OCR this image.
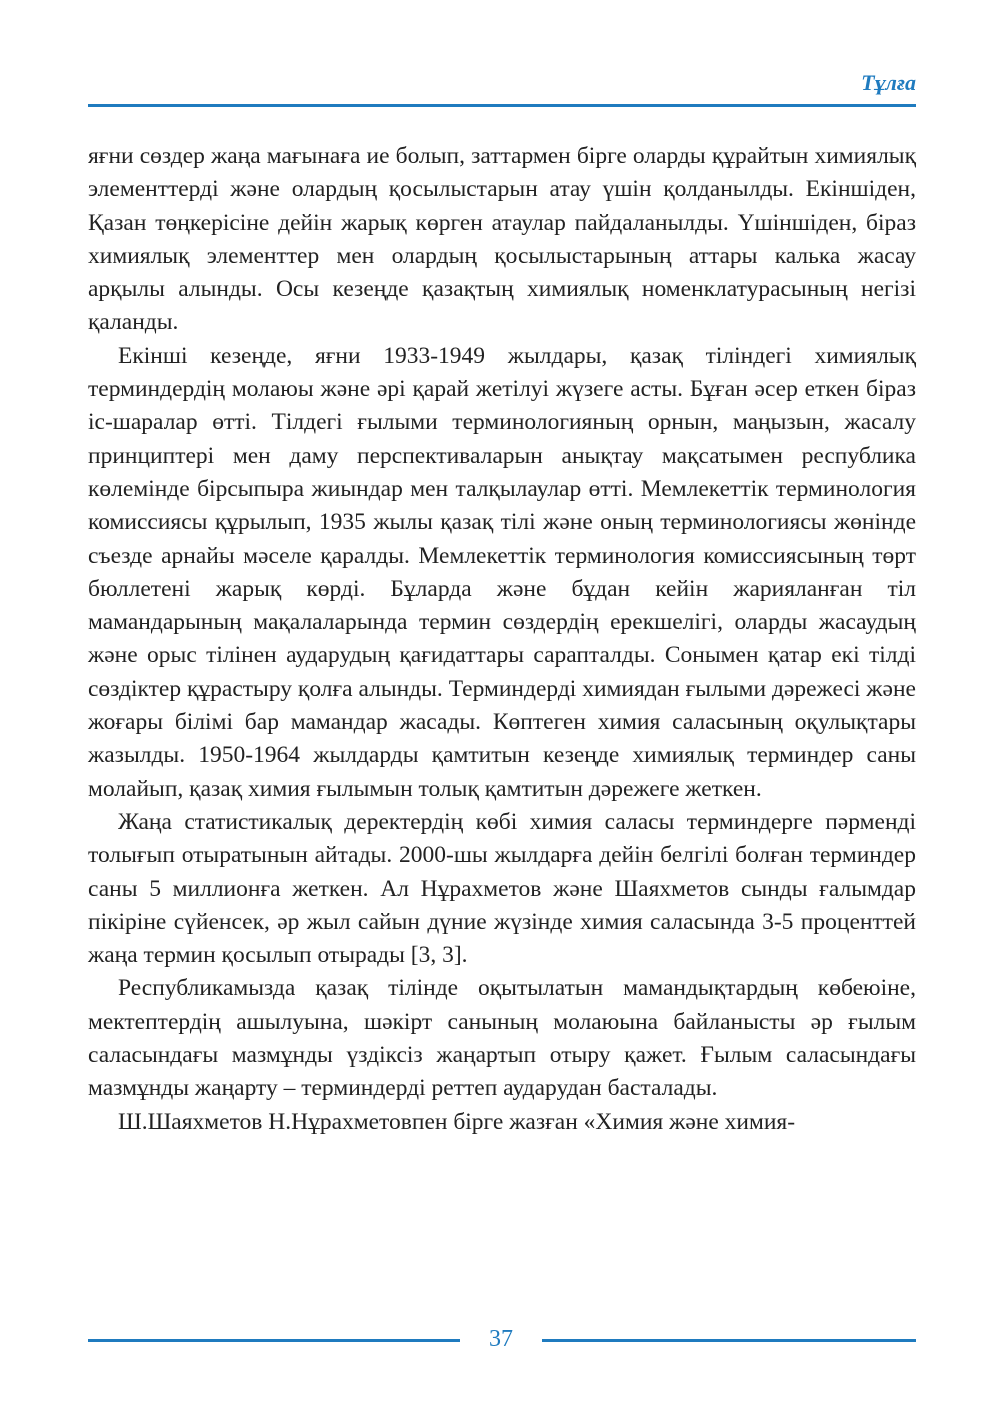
Тұлға

яғни сөздер жаңа мағынаға ие болып, заттармен бірге оларды құрайтын химиялық элементтерді және олардың қосылыстарын атау үшін қолданылды. Екіншіден, Қазан төңкерісіне дейін жарық көрген атаулар пайдаланылды. Үшіншіден, біраз химиялық элементтер мен олардың қосылыстарының аттары калька жасау арқылы алынды. Осы кезеңде қазақтың химиялық номенклатурасының негізі қаланды.

Екінші кезеңде, яғни 1933-1949 жылдары, қазақ тіліндегі химиялық терминдердің молаюы және әрі қарай жетілуі жүзеге асты. Бұған әсер еткен біраз іс-шаралар өтті. Тілдегі ғылыми терминологияның орнын, маңызын, жасалу принциптері мен даму перспективаларын анықтау мақсатымен республика көлемінде бірсыпыра жиындар мен талқылаулар өтті. Мемлекеттік терминология комиссиясы құрылып, 1935 жылы қазақ тілі және оның терминологиясы жөнінде съезде арнайы мәселе қаралды. Мемлекеттік терминология комиссиясының төрт бюллетені жарық көрді. Бұларда және бұдан кейін жарияланған тіл мамандарының мақалаларында термин сөздердің ерекшелігі, оларды жасаудың және орыс тілінен аударудың қағидаттары сарапталды. Сонымен қатар екі тілді сөздіктер құрастыру қолға алынды. Терминдерді химиядан ғылыми дәрежесі және жоғары білімі бар мамандар жасады. Көптеген химия саласының оқулықтары жазылды. 1950-1964 жылдарды қамтитын кезеңде химиялық терминдер саны молайып, қазақ химия ғылымын толық қамтитын дәрежеге жеткен.

Жаңа статистикалық деректердің көбі химия саласы терминдерге пәрменді толығып отыратынын айтады. 2000-шы жылдарға дейін белгілі болған терминдер саны 5 миллионға жеткен. Ал Нұрахметов және Шаяхметов сынды ғалымдар пікіріне сүйенсек, әр жыл сайын дүние жүзінде химия саласында 3-5 проценттей жаңа термин қосылып отырады [3, 3].

Республикамызда қазақ тілінде оқытылатын мамандықтардың көбеюіне, мектептердің ашылуына, шәкірт санының молаюына байланысты әр ғылым саласындағы мазмұнды үздіксіз жаңартып отыру қажет. Ғылым саласындағы мазмұнды жаңарту – терминдерді реттеп аударудан басталады.

Ш.Шаяхметов Н.Нұрахметовпен бірге жазған «Химия және химия-

37
